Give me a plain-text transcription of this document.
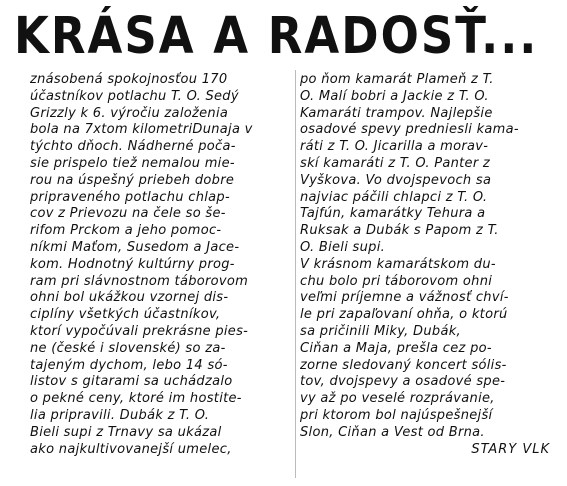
KRÁSA A RADOSŤ...
znásobená spokojnosťou 170
účastníkov potlachu T. O. Šedý
Grizzly k 6. výročiu založenia
bola na 7xtom kilometriDunaja v
týchto dňoch. Nádherné poča-
sie prispelo tiež nemalou mie-
rou na úspešný priebeh dobre
pripraveného potlachu chlap-
cov z Prievozu na čele so še-
rifom Prckom a jeho pomoc-
níkmi Maťom, Susedom a Jace-
kom. Hodnotný kultúrny prog-
ram pri slávnostnom táborovom
ohni bol ukážkou vzornej dis-
ciplíny všetkých účastníkov,
ktorí vypočúvali prekrásne pies-
ne (české i slovenské) so za-
tajeným dychom, lebo 14 só-
listov s gitarami sa uchádzalo
o pekné ceny, ktoré im hostite-
lia pripravili. Dubák z T. O.
Bieli supi z Trnavy sa ukázal
ako najkultivovanejší umelec,
po ňom kamarát Plameň z T.
O. Malí bobri a Jackie z T. O.
Kamaráti trampov. Najlepšie
osadové spevy predniesli kama-
ráti z T. O. Jicarilla a morav-
skí kamaráti z T. O. Panter z
Vyškova. Vo dvojspevoch sa
najviac páčili chlapci z T. O.
Tajfún, kamarátky Tehura a
Ruksak a Dubák s Papom z T.
O. Bieli supi.
V krásnom kamarátskom du-
chu bolo pri táborovom ohni
veľmi príjemne a vážnosť chví-
le pri zapaľovaní ohňa, o ktorú
sa pričinili Miky, Dubák,
Čiňan a Maja, prešla cez po-
zorne sledovaný koncert sólis-
tov, dvojspevy a osadové spe-
vy až po veselé rozprávanie,
pri ktorom bol najúspešnejší
Slon, Čiňan a Vest od Brna.
STARÝ VLK
